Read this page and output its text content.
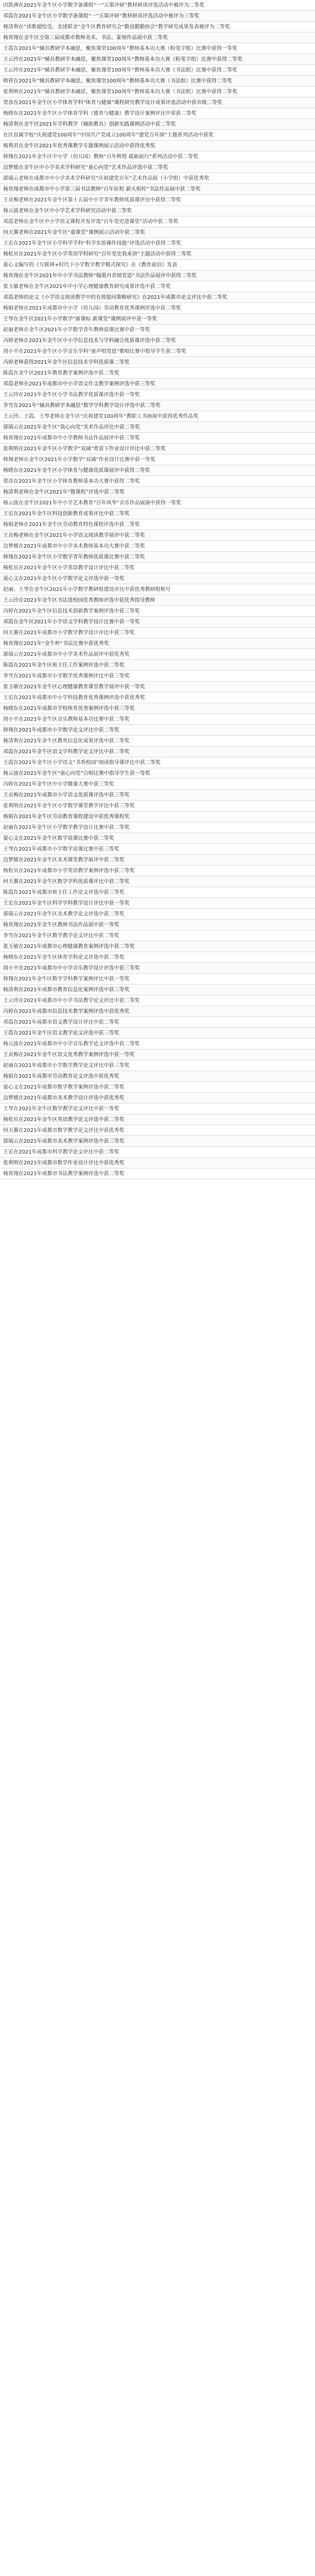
田凯洲在2021年金牛区小学数学备课组“一”五策评研”教材研读评选活动中被评为二等奖
邓霞在2021年金牛区小学数学备课组“一”五策评研”教材研读评选活动中被评为三等奖
杨清利在“读歌超绘受，金述联金”金牛区教育研究会“勤恳勤勤协会”教学研究成果发表被评为二等奖
杨贵翔在金牛区全第三届成都市教师美术、书法、篆刻作品展中获二等奖
王霞在2021年“辅具教研学本融思，聚焦课堂100周年”教师基本功大赛（粉笔字组）比赛中获得一等奖
王云玲在2021年“辅具教研学本融思，聚焦课堂100周年”教师基本功大赛（粉笔字组）比赛中获得二等奖
王云玲在2021年“辅具教研学本融思，聚焦课堂100周年”教师基本功大赛（书法组）比赛中获得二等奖
韩祥在2021年“辅具教研学本融思，聚焦课堂100周年”教师基本功大赛（书法组）比赛中获得二等奖
张利明在2021年“辅具教研学本融思，聚焦课堂100周年”教师基本功大赛（书法组）比赛中获得二等奖
贺彦在2021年金牛区小学体育学科“体育与健康”课程研究教学设计成果评选活动中获市级二等奖
杨晓东在2021年金牛区小学体育学科（德育与健康）教学设计案例评比中荣获二等奖
杨清利在金牛区2021年学科教学（辅助教具）创新实践课例活动中获二等奖
在区直属学校“庆祝建党100周年”中国共产党成立100周年“建党百年颂”主题系列活动中获奖
杨利君在金牛区2021年优秀课教学专题课例展示活动中获得优秀奖
韩翔在2021年金牛区中小学（幼儿园）教师“百年辉煌 砥砺前行”系列活动中获二等奖
边梦媛在金牛区中小学美术学科研究“童心向党”艺术作品评选中获二等奖
郭瑞云老师在成都市中小学美术学科研究“庆祝建党百年”艺术作品展（小学组）中获优秀奖
杨贵翔老师在成都市中小学第三届书法教师“百年征程 薪火相传”书法作品展中获二等奖
王贞梅老师在2021年金牛区第十五届中小学青年教师优质课评比中获得二等奖
杨云波老师在金牛区中小学艺术学科研究活动中获二等奖
邓霞老师在金牛区中小学语文课程开发评选“百年党史进课堂”活动中获二等奖
何天翼老师在2021年金牛区“嘉课堂”课例展示活动中获二等奖
王宏在2021年金牛区小学科学学科“科学实验操作技能”评选活动中获得二等奖
杨松贝在2021年金牛区小学英语学科研究“百年党史我来讲”主题活动中获得二等奖
晏心文编写的《互联网+时代下小学数学教学模式探究》在《教育前沿》发表
杨贵翔在金牛区2021年中小学书法教师“翰墨丹青颂党恩”书法作品展评中获得二等奖
张玉敏老师在金牛区2021年中小学心理健康教育研究成果评选中获二等奖
邓霞老师的论文《小学语文阅读教学中的有效提问策略研究》在2021年成都市论文评比中获二等奖
杨娟老师在2021年成都市中小学（幼儿园）劳动教育优秀课例评选中获二等奖
王琴在金牛区2021年小学数学“新课标 新课堂”课例展评中获一等奖
赵丽老师在金牛区2021年小学数学青年教师说课比赛中获一等奖
冯婷老师在2021年金牛区中小学信息技术与学科融合优质课评选中获二等奖
周小平在2021年金牛区小学音乐学科“童声唱党恩”歌唱比赛中指导学生获二等奖
冯婷老师获得2021年金牛区信息技术学科优质课二等奖
陈霞在金牛区2021年教育教学案例评选中获二等奖
邓霞老师在2021年成都市中小学语文作文教学案例评选中获三等奖
王云玲在2021年金牛区小学书法教学优质课评选中获一等奖
李雪在2021年“辅具教研学本融思”数学学科教学设计评选中获二等奖
王云玲、王霞、王琴老师在金牛区“庆祝建党100周年”教职工书画展中获得优秀作品奖
郭瑞云在2021年金牛区“我心向党”美术作品评比中获二等奖
杨贵翔在2021年成都市中小学教师书法作品展评中获三等奖
张利明在2021年金牛区小学数学“双减”背景下作业设计评比中获二等奖
韩翔老师在金牛区2021年小学数学“双减”作业设计比赛中获一等奖
杨晓东在2021年金牛区小学体育与健康优质课展评中获得二等奖
贺彦在2021年金牛区小学体育教师基本功大赛中获得二等奖
杨清利老师在金牛区2021年“微课程”评选中获二等奖
杨云波在金牛区2021年中小学艺术教育“百年风华”音乐作品展演中获得一等奖
王宏在2021年金牛区科技创新教育成果评比中获二等奖
杨娟老师在2021年金牛区劳动教育特色课程评选中获二等奖
王贞梅老师在金牛区2021年小学语文阅读教学展评中获二等奖
边梦媛在2021年成都市中小学美术教师基本功大赛中获二等奖
韩翔在2021年金牛区小学数学青年教师优质课比赛中获二等奖
杨松贝在2021年金牛区小学英语教学设计评比中获二等奖
晏心文在2021年金牛区小学数学论文评选中获一等奖
赵丽、王琴在金牛区2021年小学数学教研组建设评比中获优秀教研组称号
王云玲在2021年金牛区书法进校园优秀教师评选中获优秀指导教师
冯婷在2021年金牛区信息技术创新教学案例评选中获三等奖
邓霞在金牛区2021年小学语文学科教学设计比赛中获一等奖
何天翼在2021年成都市小学数学教学设计评比中获三等奖
杨贵翔在2021年“金牛杯”书法比赛中获优秀奖
郭瑞云在2021年成都市中小学美术作品展评中获优秀奖
陈霞在2021年金牛区班主任工作案例评选中获二等奖
李雪在2021年成都市小学数学优秀课例评比中获三等奖
张玉敏在2021年金牛区心理健康教育课堂教学展评中获一等奖
王宏在2021年成都市中小学科技教育优秀课例评选中获优秀奖
杨晓东在2021年成都市学校体育优秀案例评选中获三等奖
周小平在2021年金牛区音乐教师基本功比赛中获二等奖
韩翔在2021年成都市小学数学论文评比中获二等奖
杨清利在2021年金牛区教育信息化成果评选中获二等奖
邓霞在2021年金牛区语文学科教学论文评比中获二等奖
王霞在2021年金牛区小学语文“书香校园”阅读指导课评比中获二等奖
杨云波在2021年金牛区“童心向党”合唱比赛中指导学生获一等奖
冯婷在2021年金牛区中小学微课大赛中获三等奖
王贞梅在2021年成都市小学语文优质课评选中获三等奖
张利明在2021年金牛区小学数学课堂教学评比中获三等奖
杨娟在2021年金牛区劳动教育课程建设中获优秀课程奖
赵丽在2021年金牛区小学数学教学设计比赛中获二等奖
晏心文在2021年金牛区数学说课比赛中获二等奖
王琴在2021年成都市小学数学说课比赛中获三等奖
边梦媛在2021年金牛区美术课堂教学展评中获二等奖
杨松贝在2021年成都市小学英语教学案例评选中获三等奖
何天翼在2021年金牛区数学学科优质课评比中获二等奖
陈霞在2021年成都市班主任工作论文评选中获三等奖
王宏在2021年金牛区科学学科教学设计评比中获一等奖
郭瑞云在2021年金牛区美术教学论文评选中获二等奖
杨贵翔在2021年金牛区教师书法作品展中获一等奖
李雪在2021年金牛区数学教学论文评比中获二等奖
张玉敏在2021年成都市心理健康教育案例评选中获二等奖
杨晓东在2021年金牛区体育学科论文评选中获二等奖
周小平在2021年成都市中小学音乐教学设计评选中获三等奖
韩翔在2021年金牛区数学学科教学案例评比中获一等奖
杨清利在2021年成都市教育信息化案例评选中获三等奖
王云玲在2021年成都市中小学书法教学论文评比中获二等奖
冯婷在2021年成都市信息技术教学案例评选中获优秀奖
邓霞在2021年成都市语文教学设计评比中获二等奖
王霞在2021年金牛区语文教学论文评选中获三等奖
杨云波在2021年成都市中小学音乐教学论文评选中获二等奖
王贞梅在2021年金牛区语文优秀教学案例评选中获一等奖
赵丽在2021年成都市小学数学教学论文评比中获三等奖
杨娟在2021年成都市劳动教育论文评选中获优秀奖
晏心文在2021年成都市数学教学案例评选中获二等奖
边梦媛在2021年成都市美术教学设计评选中获优秀奖
王琴在2021年金牛区数学教学论文评比中获一等奖
杨松贝在2021年金牛区英语教学论文评选中获二等奖
何天翼在2021年成都市数学教学论文评比中获优秀奖
郭瑞云在2021年成都市美术教学案例评选中获三等奖
王宏在2021年成都市科学教学论文评比中获二等奖
张利明在2021年成都市数学作业设计评比中获优秀奖
杨贵翔在2021年成都市书法教学案例评选中获二等奖
